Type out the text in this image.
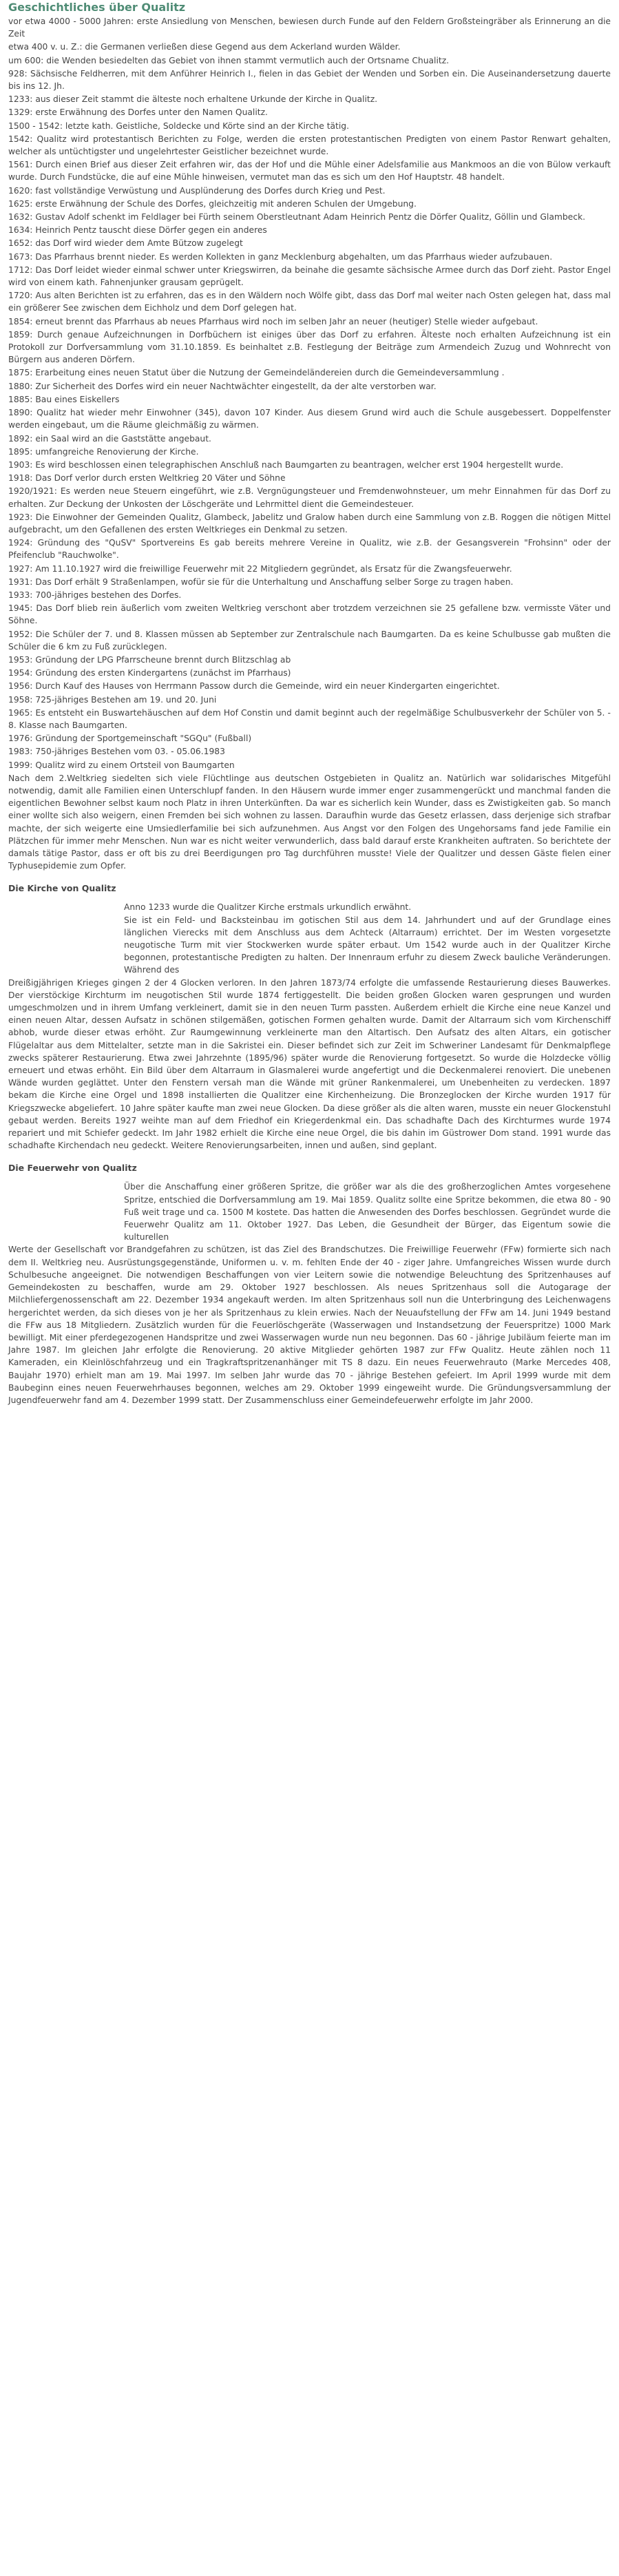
Geschichtliches über Qualitz

vor etwa 4000 - 5000 Jahren: erste Ansiedlung von Menschen, bewiesen durch Funde auf den Feldern Großsteingräber als Erinnerung an die Zeit

etwa 400 v. u. Z.: die Germanen verließen diese Gegend aus dem Ackerland wurden Wälder.

um 600: die Wenden besiedelten das Gebiet von ihnen stammt vermutlich auch der Ortsname Chualitz.

928: Sächsische Feldherren, mit dem Anführer Heinrich I., fielen in das Gebiet der Wenden und Sorben ein. Die Auseinandersetzung dauerte bis ins 12. Jh.

1233: aus dieser Zeit stammt die älteste noch erhaltene Urkunde der Kirche in Qualitz.

1329: erste Erwähnung des Dorfes unter den Namen Qualitz.

1500 - 1542: letzte kath. Geistliche, Soldecke und Körte sind an der Kirche tätig.

1542: Qualitz wird protestantisch Berichten zu Folge, werden die ersten protestantischen Predigten von einem Pastor Renwart gehalten, welcher als untüchtigster und ungelehrtester Geistlicher bezeichnet wurde.

1561: Durch einen Brief aus dieser Zeit erfahren wir, das der Hof und die Mühle einer Adelsfamilie aus Mankmoos an die von Bülow verkauft wurde. Durch Fundstücke, die auf eine Mühle hinweisen, vermutet man das es sich um den Hof Hauptstr. 48 handelt.

1620: fast vollständige Verwüstung und Ausplünderung des Dorfes durch Krieg und Pest.

1625: erste Erwähnung der Schule des Dorfes, gleichzeitig mit anderen Schulen der Umgebung.

1632: Gustav Adolf schenkt im Feldlager bei Fürth seinem Oberstleutnant Adam Heinrich Pentz die Dörfer Qualitz, Göllin und Glambeck.

1634: Heinrich Pentz tauscht diese Dörfer gegen ein anderes

1652: das Dorf wird wieder dem Amte Bützow zugelegt

1673: Das Pfarrhaus brennt nieder. Es werden Kollekten in ganz Mecklenburg abgehalten, um das Pfarrhaus wieder aufzubauen.

1712: Das Dorf leidet wieder einmal schwer unter Kriegswirren, da beinahe die gesamte sächsische Armee durch das Dorf zieht. Pastor Engel wird von einem kath. Fahnenjunker grausam geprügelt.

1720: Aus alten Berichten ist zu erfahren, das es in den Wäldern noch Wölfe gibt, dass das Dorf mal weiter nach Osten gelegen hat, dass mal ein größerer See zwischen dem Eichholz und dem Dorf gelegen hat.

1854: erneut brennt das Pfarrhaus ab neues Pfarrhaus wird noch im selben Jahr an neuer (heutiger) Stelle wieder aufgebaut.

1859: Durch genaue Aufzeichnungen in Dorfbüchern ist einiges über das Dorf zu erfahren. Älteste noch erhalten Aufzeichnung ist ein Protokoll zur Dorfversammlung vom 31.10.1859. Es beinhaltet z.B. Festlegung der Beiträge zum Armendeich Zuzug und Wohnrecht von Bürgern aus anderen Dörfern.

1875: Erarbeitung eines neuen Statut über die Nutzung der Gemeindeländereien durch die Gemeindeversammlung .

1880: Zur Sicherheit des Dorfes wird ein neuer Nachtwächter eingestellt, da der alte verstorben war.

1885: Bau eines Eiskellers

1890: Qualitz hat wieder mehr Einwohner (345), davon 107 Kinder. Aus diesem Grund wird auch die Schule ausgebessert. Doppelfenster werden eingebaut, um die Räume gleichmäßig zu wärmen.

1892: ein Saal wird an die Gaststätte angebaut.

1895: umfangreiche Renovierung der Kirche.

1903: Es wird beschlossen einen telegraphischen Anschluß nach Baumgarten zu beantragen, welcher erst 1904 hergestellt wurde.

1918: Das Dorf verlor durch ersten Weltkrieg 20 Väter und Söhne

1920/1921: Es werden neue Steuern eingeführt, wie z.B. Vergnügungsteuer und Fremdenwohnsteuer, um mehr Einnahmen für das Dorf zu erhalten. Zur Deckung der Unkosten der Löschgeräte und Lehrmittel dient die Gemeindesteuer.

1923: Die Einwohner der Gemeinden Qualitz, Glambeck, Jabelitz und Gralow haben durch eine Sammlung von z.B. Roggen die nötigen Mittel aufgebracht, um den Gefallenen des ersten Weltkrieges ein Denkmal zu setzen.

1924: Gründung des "QuSV" Sportvereins Es gab bereits mehrere Vereine in Qualitz, wie z.B. der Gesangsverein "Frohsinn" oder der Pfeifenclub "Rauchwolke".

1927: Am 11.10.1927 wird die freiwillige Feuerwehr mit 22 Mitgliedern gegründet, als Ersatz für die Zwangsfeuerwehr.

1931: Das Dorf erhält 9 Straßenlampen, wofür sie für die Unterhaltung und Anschaffung selber Sorge zu tragen haben.

1933: 700-jähriges bestehen des Dorfes.

1945: Das Dorf blieb rein äußerlich vom zweiten Weltkrieg verschont aber trotzdem verzeichnen sie 25 gefallene bzw. vermisste Väter und Söhne.

1952: Die Schüler der 7. und 8. Klassen müssen ab September zur Zentralschule nach Baumgarten. Da es keine Schulbusse gab mußten die Schüler die 6 km zu Fuß zurücklegen.

1953: Gründung der LPG Pfarrscheune brennt durch Blitzschlag ab

1954: Gründung des ersten Kindergartens (zunächst im Pfarrhaus)

1956: Durch Kauf des Hauses von Herrmann Passow durch die Gemeinde, wird ein neuer Kindergarten eingerichtet.

1958: 725-jähriges Bestehen am 19. und 20. Juni

1965: Es entsteht ein Buswartehäuschen auf dem Hof Constin und damit beginnt auch der regelmäßige Schulbusverkehr der Schüler von 5. - 8. Klasse nach Baumgarten.

1976: Gründung der Sportgemeinschaft "SGQu" (Fußball)

1983: 750-jähriges Bestehen vom 03. - 05.06.1983

1999: Qualitz wird zu einem Ortsteil von Baumgarten

Nach dem 2.Weltkrieg siedelten sich viele Flüchtlinge aus deutschen Ostgebieten in Qualitz an. Natürlich war solidarisches Mitgefühl notwendig, damit alle Familien einen Unterschlupf fanden. In den Häusern wurde immer enger zusammengerückt und manchmal fanden die eigentlichen Bewohner selbst kaum noch Platz in ihren Unterkünften. Da war es sicherlich kein Wunder, dass es Zwistigkeiten gab. So manch einer wollte sich also weigern, einen Fremden bei sich wohnen zu lassen. Daraufhin wurde das Gesetz erlassen, dass derjenige sich strafbar machte, der sich weigerte eine Umsiedlerfamilie bei sich aufzunehmen. Aus Angst vor den Folgen des Ungehorsams fand jede Familie ein Plätzchen für immer mehr Menschen. Nun war es nicht weiter verwunderlich, dass bald darauf erste Krankheiten auftraten. So berichtete der damals tätige Pastor, dass er oft bis zu drei Beerdigungen pro Tag durchführen musste! Viele der Qualitzer und dessen Gäste fielen einer Typhusepidemie zum Opfer.

Die Kirche von Qualitz

Anno 1233 wurde die Qualitzer Kirche erstmals urkundlich erwähnt.

Sie ist ein Feld- und Backsteinbau im gotischen Stil aus dem 14. Jahrhundert und auf der Grundlage eines länglichen Vierecks mit dem Anschluss aus dem Achteck (Altarraum) errichtet. Der im Westen vorgesetzte neugotische Turm mit vier Stockwerken wurde später erbaut. Um 1542 wurde auch in der Qualitzer Kirche begonnen, protestantische Predigten zu halten. Der Innenraum erfuhr zu diesem Zweck bauliche Veränderungen. Während des

Dreißigjährigen Krieges gingen 2 der 4 Glocken verloren. In den Jahren 1873/74 erfolgte die umfassende Restaurierung dieses Bauwerkes. Der vierstöckige Kirchturm im neugotischen Stil wurde 1874 fertiggestellt. Die beiden großen Glocken waren gesprungen und wurden umgeschmolzen und in ihrem Umfang verkleinert, damit sie in den neuen Turm passten. Außerdem erhielt die Kirche eine neue Kanzel und einen neuen Altar, dessen Aufsatz in schönen stilgemäßen, gotischen Formen gehalten wurde. Damit der Altarraum sich vom Kirchenschiff abhob, wurde dieser etwas erhöht. Zur Raumgewinnung verkleinerte man den Altartisch. Den Aufsatz des alten Altars, ein gotischer Flügelaltar aus dem Mittelalter, setzte man in die Sakristei ein. Dieser befindet sich zur Zeit im Schweriner Landesamt für Denkmalpflege zwecks späterer Restaurierung. Etwa zwei Jahrzehnte (1895/96) später wurde die Renovierung fortgesetzt. So wurde die Holzdecke völlig erneuert und etwas erhöht. Ein Bild über dem Altarraum in Glasmalerei wurde angefertigt und die Deckenmalerei renoviert. Die unebenen Wände wurden geglättet. Unter den Fenstern versah man die Wände mit grüner Rankenmalerei, um Unebenheiten zu verdecken. 1897 bekam die Kirche eine Orgel und 1898 installierten die Qualitzer eine Kirchenheizung. Die Bronzeglocken der Kirche wurden 1917 für Kriegszwecke abgeliefert. 10 Jahre später kaufte man zwei neue Glocken. Da diese größer als die alten waren, musste ein neuer Glockenstuhl gebaut werden. Bereits 1927 weihte man auf dem Friedhof ein Kriegerdenkmal ein. Das schadhafte Dach des Kirchturmes wurde 1974 repariert und mit Schiefer gedeckt. Im Jahr 1982 erhielt die Kirche eine neue Orgel, die bis dahin im Güstrower Dom stand. 1991 wurde das schadhafte Kirchendach neu gedeckt. Weitere Renovierungsarbeiten, innen und außen, sind geplant.

Die Feuerwehr von Qualitz

Über die Anschaffung einer größeren Spritze, die größer war als die des großherzoglichen Amtes vorgesehene Spritze, entschied die Dorfversammlung am 19. Mai 1859. Qualitz sollte eine Spritze bekommen, die etwa 80 - 90 Fuß weit trage und ca. 1500 M kostete. Das hatten die Anwesenden des Dorfes beschlossen. Gegründet wurde die Feuerwehr Qualitz am 11. Oktober 1927. Das Leben, die Gesundheit der Bürger, das Eigentum sowie die kulturellen

Werte der Gesellschaft vor Brandgefahren zu schützen, ist das Ziel des Brandschutzes. Die Freiwillige Feuerwehr (FFw) formierte sich nach dem II. Weltkrieg neu. Ausrüstungsgegenstände, Uniformen u. v. m. fehlten Ende der 40 - ziger Jahre. Umfangreiches Wissen wurde durch Schulbesuche angeeignet. Die notwendigen Beschaffungen von vier Leitern sowie die notwendige Beleuchtung des Spritzenhauses auf Gemeindekosten zu beschaffen, wurde am 29. Oktober 1927 beschlossen. Als neues Spritzenhaus soll die Autogarage der Milchliefergenossenschaft am 22. Dezember 1934 angekauft werden. Im alten Spritzenhaus soll nun die Unterbringung des Leichenwagens hergerichtet werden, da sich dieses von je her als Spritzenhaus zu klein erwies. Nach der Neuaufstellung der FFw am 14. Juni 1949 bestand die FFw aus 18 Mitgliedern. Zusätzlich wurden für die Feuerlöschgeräte (Wasserwagen und Instandsetzung der Feuerspritze) 1000 Mark bewilligt. Mit einer pferdegezogenen Handspritze und zwei Wasserwagen wurde nun neu begonnen. Das 60 - jährige Jubiläum feierte man im Jahre 1987. Im gleichen Jahr erfolgte die Renovierung. 20 aktive Mitglieder gehörten 1987 zur FFw Qualitz. Heute zählen noch 11 Kameraden, ein Kleinlöschfahrzeug und ein Tragkraftspritzenanhänger mit TS 8 dazu. Ein neues Feuerwehrauto (Marke Mercedes 408, Baujahr 1970) erhielt man am 19. Mai 1997. Im selben Jahr wurde das 70 - jährige Bestehen gefeiert. Im April 1999 wurde mit dem Baubeginn eines neuen Feuerwehrhauses begonnen, welches am 29. Oktober 1999 eingeweiht wurde. Die Gründungsversammlung der Jugendfeuerwehr fand am 4. Dezember 1999 statt. Der Zusammenschluss einer Gemeindefeuerwehr erfolgte im Jahr 2000.
